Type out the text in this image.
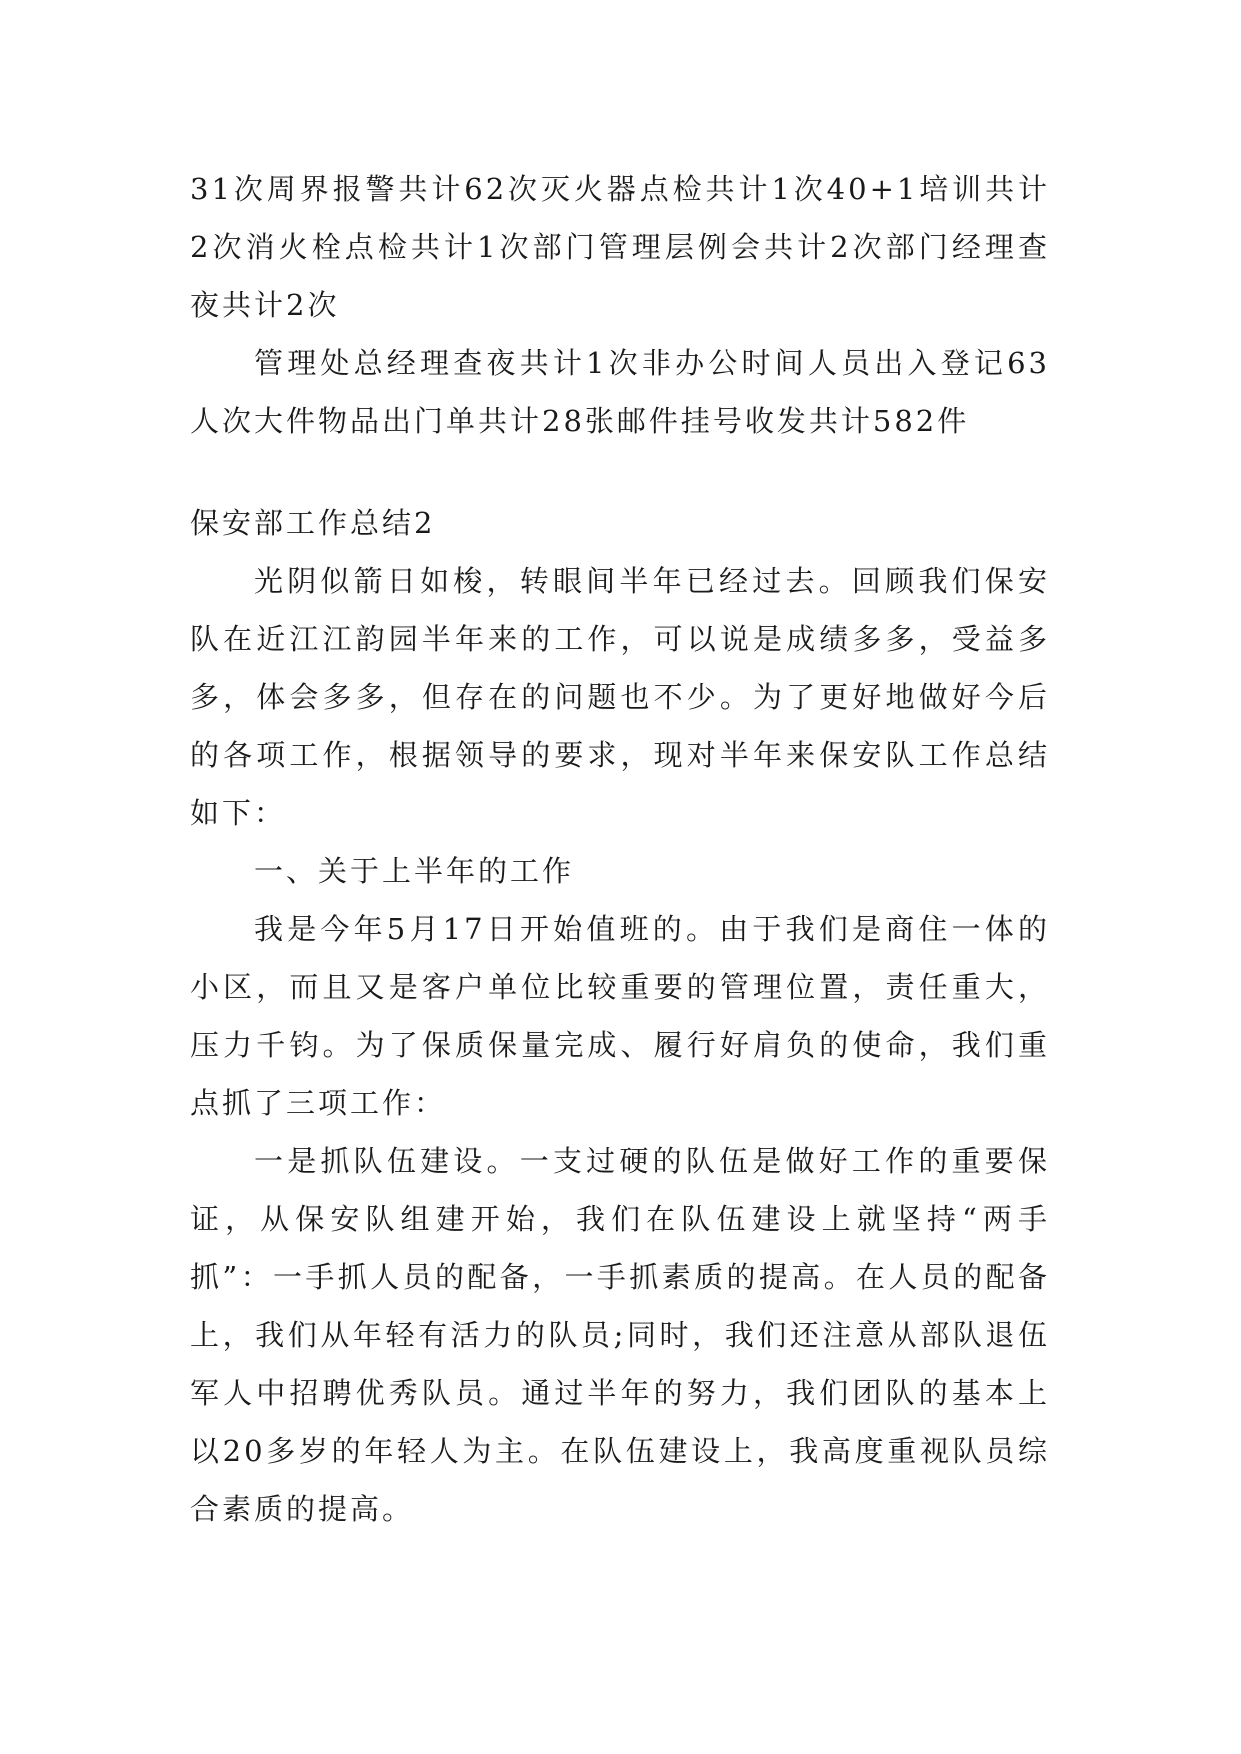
31次周界报警共计62次灭火器点检共计1次40+1培训共计2次消火栓点检共计1次部门管理层例会共计2次部门经理查夜共计2次

管理处总经理查夜共计1次非办公时间人员出入登记63人次大件物品出门单共计28张邮件挂号收发共计582件

保安部工作总结2

光阴似箭日如梭，转眼间半年已经过去。回顾我们保安队在近江江韵园半年来的工作，可以说是成绩多多，受益多多，体会多多，但存在的问题也不少。为了更好地做好今后的各项工作，根据领导的要求，现对半年来保安队工作总结如下：

一、关于上半年的工作

我是今年5月17日开始值班的。由于我们是商住一体的小区，而且又是客户单位比较重要的管理位置，责任重大，压力千钧。为了保质保量完成、履行好肩负的使命，我们重点抓了三项工作：

一是抓队伍建设。一支过硬的队伍是做好工作的重要保证，从保安队组建开始，我们在队伍建设上就坚持“两手抓”：一手抓人员的配备，一手抓素质的提高。在人员的配备上，我们从年轻有活力的队员;同时，我们还注意从部队退伍军人中招聘优秀队员。通过半年的努力，我们团队的基本上以20多岁的年轻人为主。在队伍建设上，我高度重视队员综合素质的提高。
